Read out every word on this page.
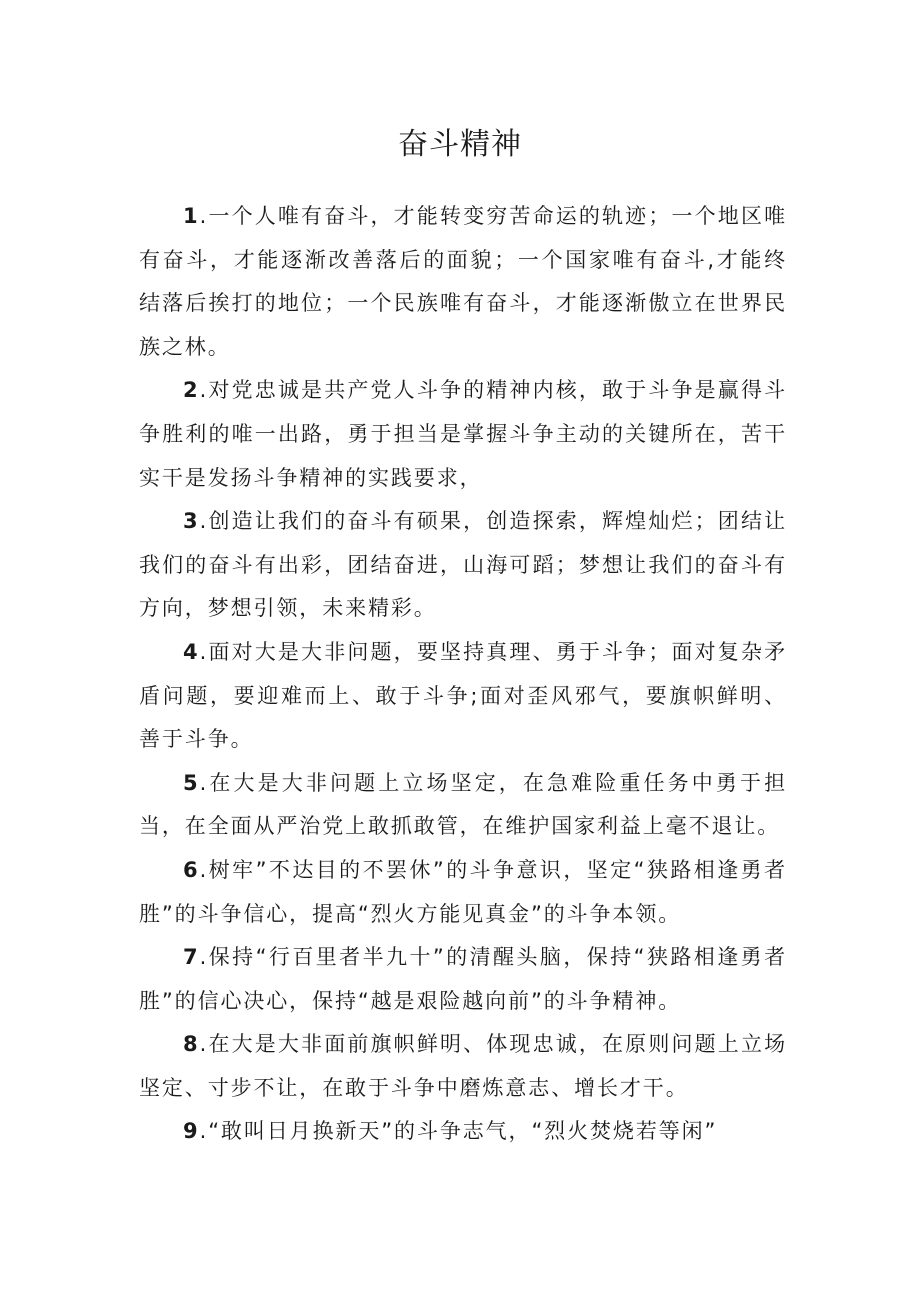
奋斗精神

1.一个人唯有奋斗，才能转变穷苦命运的轨迹；一个地区唯有奋斗，才能逐渐改善落后的面貌；一个国家唯有奋斗,才能终结落后挨打的地位；一个民族唯有奋斗，才能逐渐傲立在世界民族之林。

2.对党忠诚是共产党人斗争的精神内核，敢于斗争是赢得斗争胜利的唯一出路，勇于担当是掌握斗争主动的关键所在，苦干实干是发扬斗争精神的实践要求，

3.创造让我们的奋斗有硕果，创造探索，辉煌灿烂；团结让我们的奋斗有出彩，团结奋进，山海可蹈；梦想让我们的奋斗有方向，梦想引领，未来精彩。

4.面对大是大非问题，要坚持真理、勇于斗争；面对复杂矛盾问题，要迎难而上、敢于斗争;面对歪风邪气，要旗帜鲜明、善于斗争。

5.在大是大非问题上立场坚定，在急难险重任务中勇于担当，在全面从严治党上敢抓敢管，在维护国家利益上毫不退让。

6.树牢”不达目的不罢休”的斗争意识，坚定“狭路相逢勇者胜”的斗争信心，提高“烈火方能见真金”的斗争本领。

7.保持“行百里者半九十”的清醒头脑，保持“狭路相逢勇者胜”的信心决心，保持“越是艰险越向前”的斗争精神。

8.在大是大非面前旗帜鲜明、体现忠诚，在原则问题上立场坚定、寸步不让，在敢于斗争中磨炼意志、增长才干。

9.“敢叫日月换新天”的斗争志气，“烈火焚烧若等闲”
